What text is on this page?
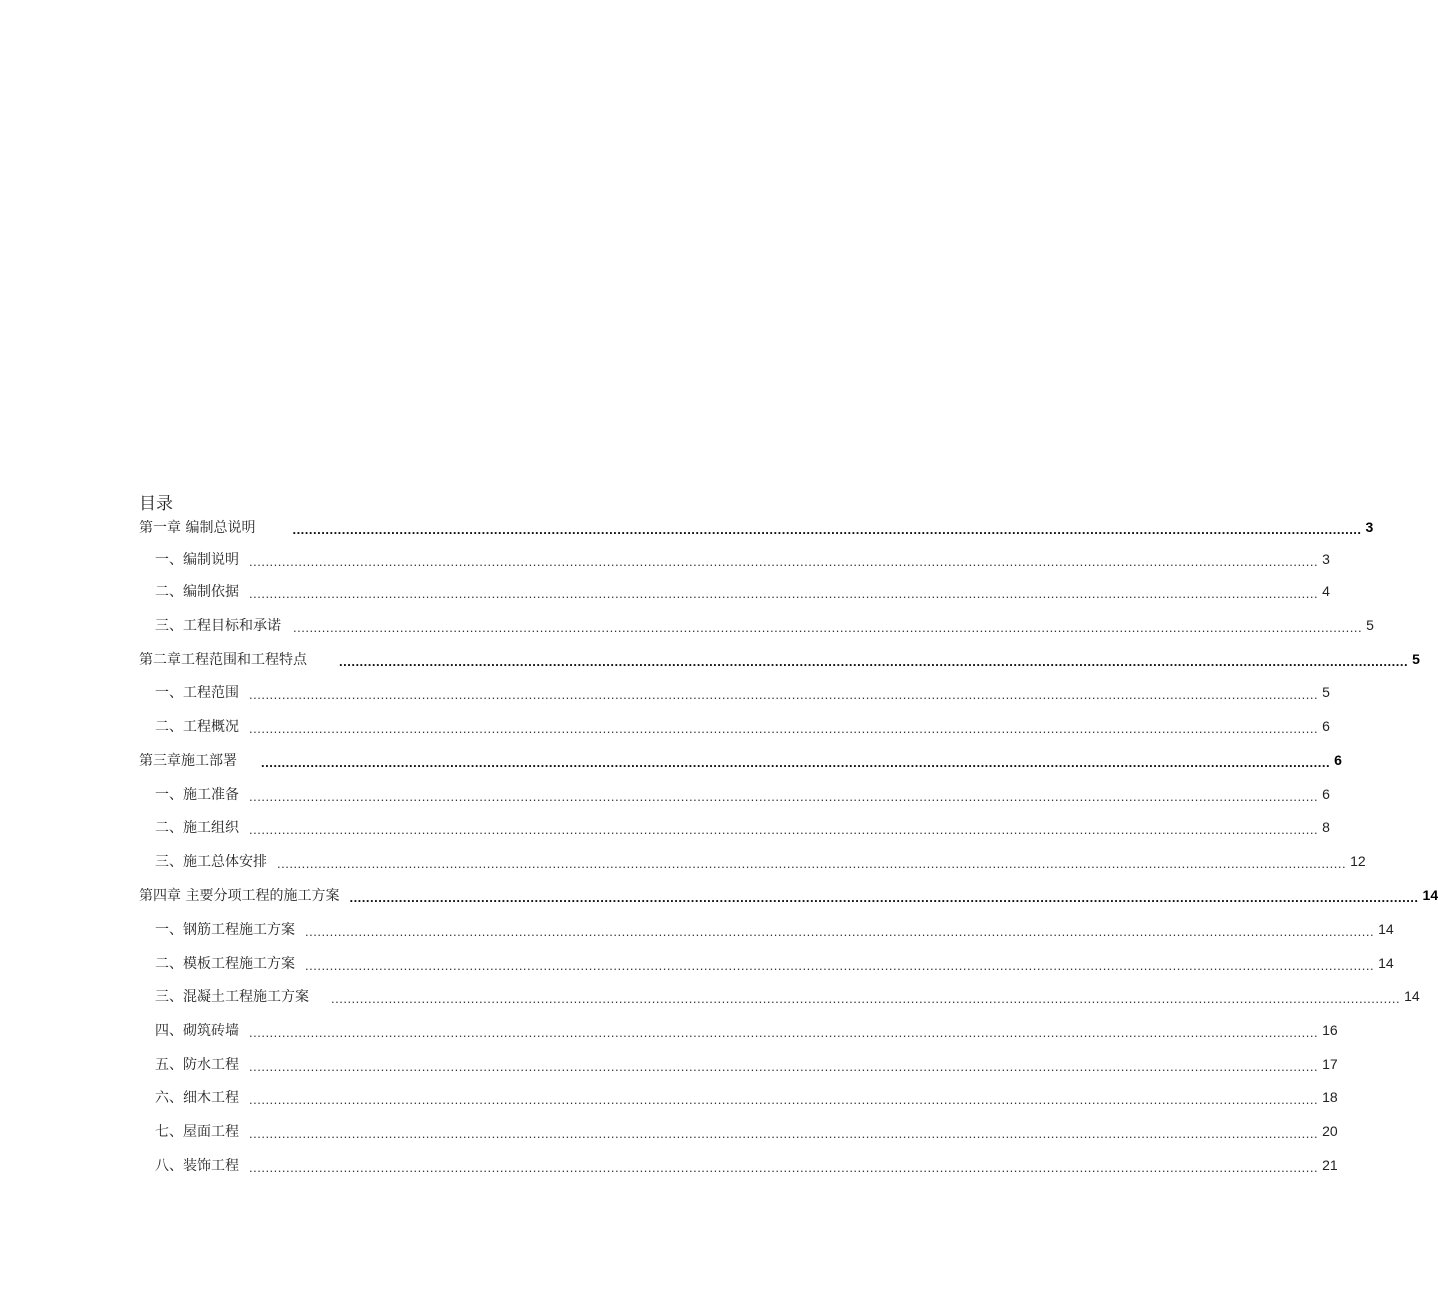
目录
第一章 编制总说明	.................................................................................................................................................................................................................................................................... 3
一、编制说明 .................................................................................................................................................................................................................................................................... 3
二、编制依据 .................................................................................................................................................................................................................................................................... 4
三、工程目标和承诺 .................................................................................................................................................................................................................................................................... 5
第二章工程范围和工程特点 .................................................................................................................................................................................................................................................................... 5
一、工程范围 .................................................................................................................................................................................................................................................................... 5
二、工程概况 .................................................................................................................................................................................................................................................................... 6
第三章施工部署 .................................................................................................................................................................................................................................................................... 6
一、施工准备 .................................................................................................................................................................................................................................................................... 6
二、施工组织 .................................................................................................................................................................................................................................................................... 8
三、施工总体安排 .................................................................................................................................................................................................................................................................... 12
第四章 主要分项工程的施工方案 .................................................................................................................................................................................................................................................................... 14
一、钢筋工程施工方案 .................................................................................................................................................................................................................................................................... 14
二、模板工程施工方案 .................................................................................................................................................................................................................................................................... 14
三、混凝土工程施工方案 .................................................................................................................................................................................................................................................................... 14
四、砌筑砖墙 .................................................................................................................................................................................................................................................................... 16
五、防水工程 .................................................................................................................................................................................................................................................................... 17
六、细木工程 .................................................................................................................................................................................................................................................................... 18
七、屋面工程 .................................................................................................................................................................................................................................................................... 20
八、装饰工程 .................................................................................................................................................................................................................................................................... 21
